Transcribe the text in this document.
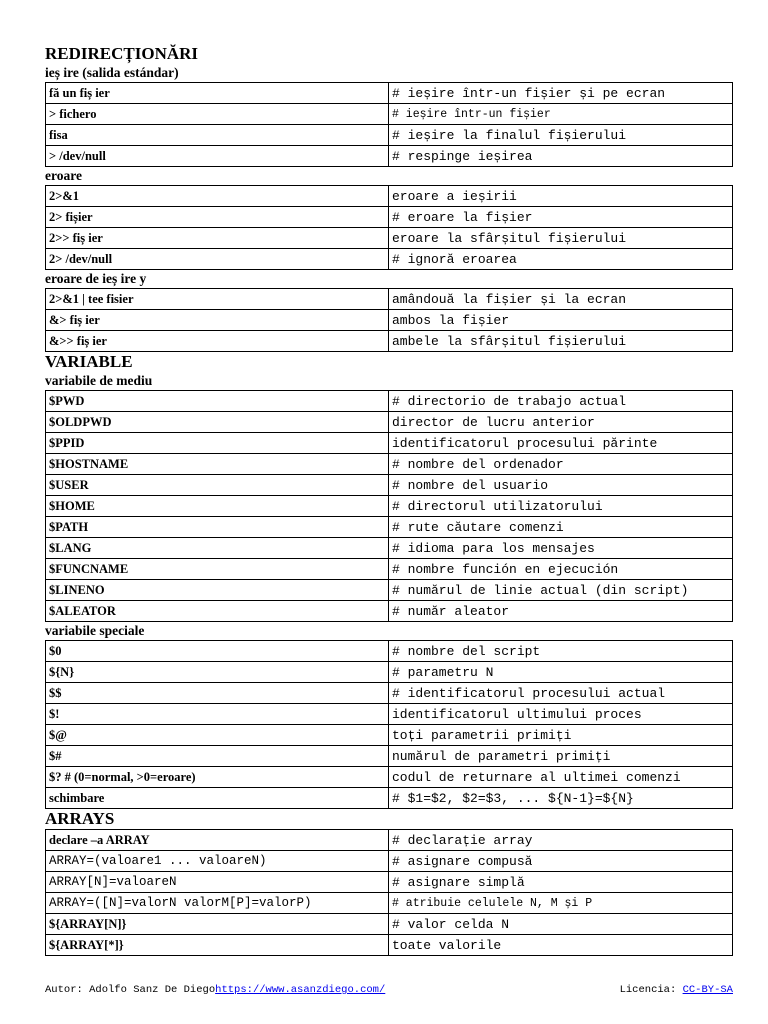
REDIRECȚIONĂRI
ieș ire (salida estándar)
fă un fiș ier	# ieșire într-un fișier și pe ecran
> fichero	# ieșire într-un fișier
fisa	# ieșire la finalul fișierului
> /dev/null	# respinge ieșirea
eroare
2>&1	eroare a ieșirii
2> fișier	# eroare la fișier
2>> fiș ier	eroare la sfârșitul fișierului
2> /dev/null	# ignoră eroarea
eroare de ieș ire y
2>&1 | tee fisier	amândouă la fișier și la ecran
&> fiș ier	ambos la fișier
&>> fiș ier	ambele la sfârșitul fișierului
VARIABLE
variabile de mediu
$PWD	# directorio de trabajo actual
$OLDPWD	director de lucru anterior
$PPID	identificatorul procesului părinte
$HOSTNAME	# nombre del ordenador
$USER	# nombre del usuario
$HOME	# directorul utilizatorului
$PATH	# rute căutare comenzi
$LANG	# idioma para los mensajes
$FUNCNAME	# nombre función en ejecución
$LINENO	# numărul de linie actual (din script)
$ALEATOR	# număr aleator
variabile speciale
$0	# nombre del script
${N}	# parametru N
$$	# identificatorul procesului actual
$!	identificatorul ultimului proces
$@	toți parametrii primiți
$#	numărul de parametri primiți
$? # (0=normal, >0=eroare)	codul de returnare al ultimei comenzi
schimbare	# $1=$2, $2=$3, ... ${N-1}=${N}
ARRAYS
declare –a ARRAY	# declarație array
ARRAY=(valoare1 ... valoareN)	# asignare compusă
ARRAY[N]=valoareN	# asignare simplă
ARRAY=([N]=valorN valorM[P]=valorP)	# atribuie celulele N, M și P
${ARRAY[N]}	# valor celda N
${ARRAY[*]}	toate valorile
Autor: Adolfo Sanz De Diegohttps://www.asanzdiego.com/	Licencia: CC-BY-SA
